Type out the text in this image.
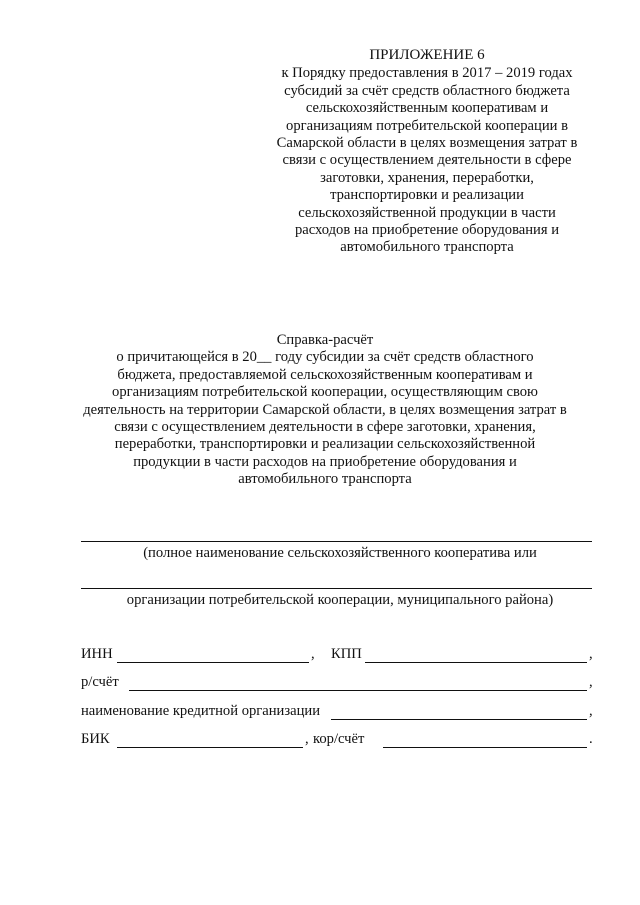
ПРИЛОЖЕНИЕ 6
к Порядку предоставления в 2017 – 2019 годах
субсидий за счёт средств областного бюджета
сельскохозяйственным кооперативам и
организациям потребительской кооперации в
Самарской области в целях возмещения затрат в
связи с осуществлением деятельности в сфере
заготовки, хранения, переработки,
транспортировки и реализации
сельскохозяйственной продукции в части
расходов на приобретение оборудования и
автомобильного транспорта
Справка-расчёт
о причитающейся в 20__ году субсидии за счёт средств областного
бюджета, предоставляемой сельскохозяйственным кооперативам и
организациям потребительской кооперации, осуществляющим свою
деятельность на территории Самарской области, в целях возмещения затрат в
связи с осуществлением деятельности в сфере заготовки, хранения,
переработки, транспортировки и реализации сельскохозяйственной
продукции в части расходов на приобретение оборудования и
автомобильного транспорта
(полное наименование сельскохозяйственного кооператива или
организации потребительской кооперации, муниципального района)
ИНН	, КПП	,
р/счёт	,
наименование кредитной организации	,
БИК	, кор/счёт	.
